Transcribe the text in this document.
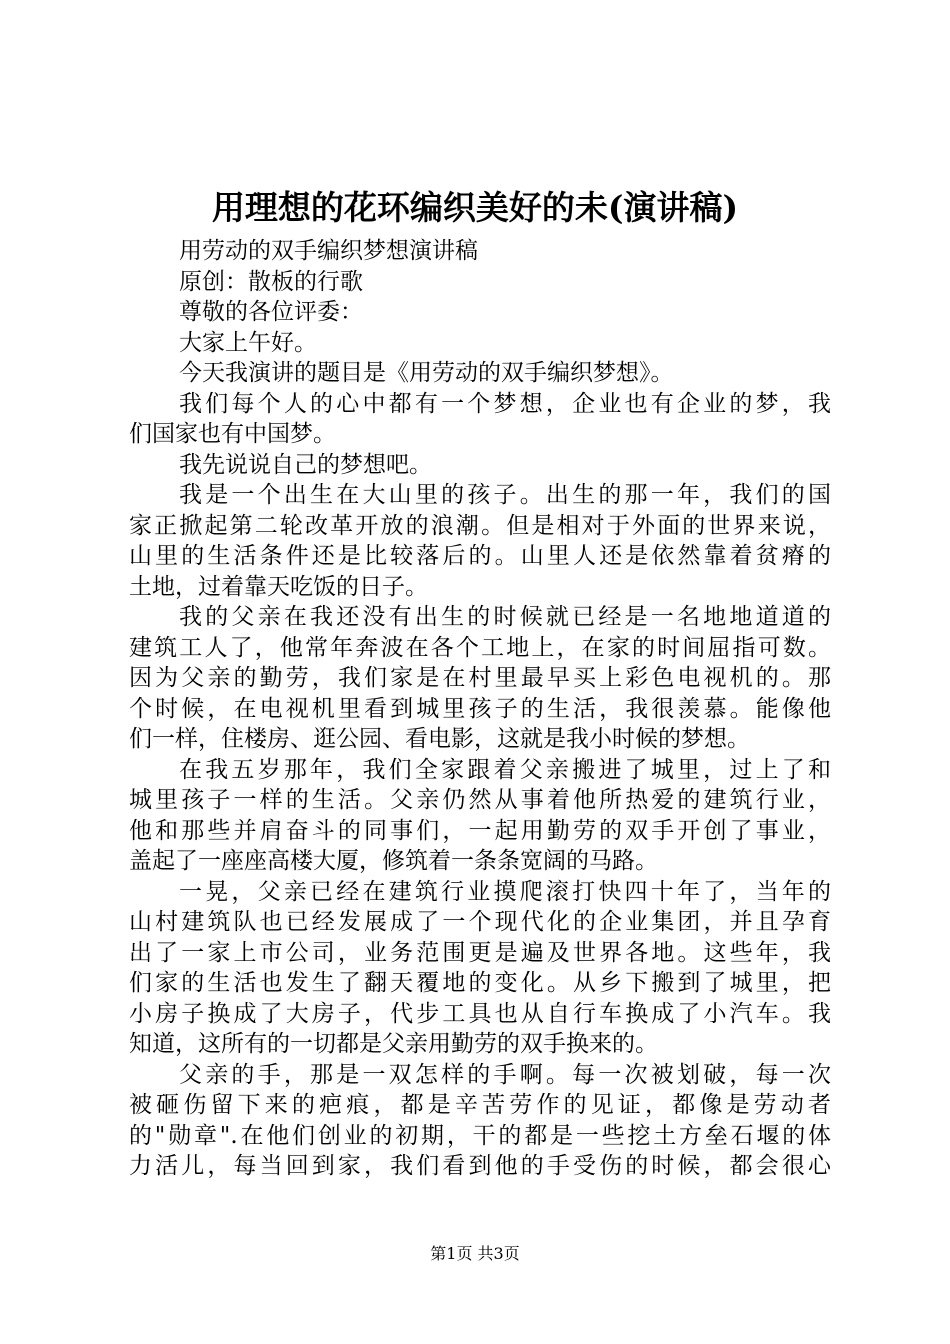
用理想的花环编织美好的未(演讲稿)
用劳动的双手编织梦想演讲稿
原创：散板的行歌
尊敬的各位评委：
大家上午好。
今天我演讲的题目是《用劳动的双手编织梦想》。
我们每个人的心中都有一个梦想，企业也有企业的梦，我
们国家也有中国梦。
我先说说自己的梦想吧。
我是一个出生在大山里的孩子。出生的那一年，我们的国
家正掀起第二轮改革开放的浪潮。但是相对于外面的世界来说，
山里的生活条件还是比较落后的。山里人还是依然靠着贫瘠的
土地，过着靠天吃饭的日子。
我的父亲在我还没有出生的时候就已经是一名地地道道的
建筑工人了，他常年奔波在各个工地上，在家的时间屈指可数。
因为父亲的勤劳，我们家是在村里最早买上彩色电视机的。那
个时候，在电视机里看到城里孩子的生活，我很羡慕。能像他
们一样，住楼房、逛公园、看电影，这就是我小时候的梦想。
在我五岁那年，我们全家跟着父亲搬进了城里，过上了和
城里孩子一样的生活。父亲仍然从事着他所热爱的建筑行业，
他和那些并肩奋斗的同事们，一起用勤劳的双手开创了事业，
盖起了一座座高楼大厦，修筑着一条条宽阔的马路。
一晃，父亲已经在建筑行业摸爬滚打快四十年了，当年的
山村建筑队也已经发展成了一个现代化的企业集团，并且孕育
出了一家上市公司，业务范围更是遍及世界各地。这些年，我
们家的生活也发生了翻天覆地的变化。从乡下搬到了城里，把
小房子换成了大房子，代步工具也从自行车换成了小汽车。我
知道，这所有的一切都是父亲用勤劳的双手换来的。
父亲的手，那是一双怎样的手啊。每一次被划破，每一次
被砸伤留下来的疤痕，都是辛苦劳作的见证，都像是劳动者
的"勋章".在他们创业的初期，干的都是一些挖土方垒石堰的体
力活儿，每当回到家，我们看到他的手受伤的时候，都会很心
第1页 共3页
